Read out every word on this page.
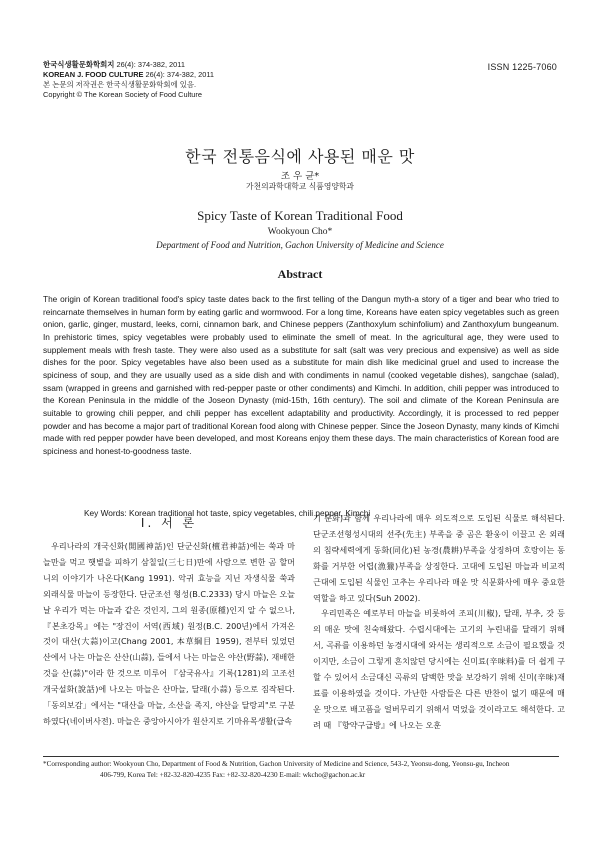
한국식생활문화학회지 26(4): 374-382, 2011
KOREAN J. FOOD CULTURE 26(4): 374-382, 2011
본 논문의 저작권은 한국식생활문화학회에 있음.
Copyright © The Korean Society of Food Culture
ISSN 1225-7060
한국 전통음식에 사용된 매운 맛
조 우 균*
가천의과학대학교 식품영양학과
Spicy Taste of Korean Traditional Food
Wookyoun Cho*
Department of Food and Nutrition, Gachon University of Medicine and Science
Abstract

The origin of Korean traditional food's spicy taste dates back to the first telling of the Dangun myth-a story of a tiger and bear who tried to reincarnate themselves in human form by eating garlic and wormwood. For a long time, Koreans have eaten spicy vegetables such as green onion, garlic, ginger, mustard, leeks, corni, cinnamon bark, and Chinese peppers (Zanthoxylum schinfolium) and Zanthoxylum bungeanum. In prehistoric times, spicy vegetables were probably used to eliminate the smell of meat. In the agricultural age, they were used to supplement meals with fresh taste. They were also used as a substitute for salt (salt was very precious and expensive) as well as side dishes for the poor. Spicy vegetables have also been used as a substitute for main dish like medicinal gruel and used to increase the spiciness of soup, and they are usually used as a side dish and with condiments in namul (cooked vegetable dishes), sangchae (salad), ssam (wrapped in greens and garnished with red-pepper paste or other condiments) and Kimchi. In addition, chili pepper was introduced to the Korean Peninsula in the middle of the Joseon Dynasty (mid-15th, 16th century). The soil and climate of the Korean Peninsula are suitable to growing chili pepper, and chili pepper has excellent adaptability and productivity. Accordingly, it is processed to red pepper powder and has become a major part of traditional Korean food along with Chinese pepper. Since the Joseon Dynasty, many kinds of Kimchi made with red pepper powder have been developed, and most Koreans enjoy them these days. The main characteristics of Korean food are spiciness and honest-to-goodness taste.

Key Words: Korean traditional hot taste, spicy vegetables, chili pepper, Kimchi
I. 서 론

우리나라의 개국신화(開國神話)인 단군신화(檀君神話)에는 쑥과 마늘만을 먹고 햇볕을 피하기 삼칠일(三七日)만에 사람으로 변한 곰 할머니의 이야기가 나온다(Kang 1991). 악귀 효능을 지닌 자생식물 쑥과 외래식물 마늘이 등장한다. 단군조선 형성(B.C.2333) 당시 마늘은 오늘날 우리가 먹는 마늘과 같은 것인지, 그의 원종(原種)인지 알 수 없으나, 『본초강목』에는 "장건이 서역(西域) 원정(B.C. 200년)에서 가져온 것이 대산(大蒜)이고(Chang 2001, 本草綱目 1959), 전부터 있었던 산에서 나는 마늘은 산산(山蒜), 들에서 나는 마늘은 야산(野蒜), 재배한 것을 산(蒜)"이라 한 것으로 미루어 『삼국유사』기록(1281)의 고조선 개국설화(說話)에 나오는 마늘은 산마늘, 달래(小蒜) 등으로 짐작된다. 「동의보감」에서는 "대산을 마늘, 소산을 족지, 야산을 달랑괴"로 구분하였다(네이버사전). 마늘은 중앙아시아가 원산지로 기마유목생활(급속

기 문화)과 함께 우리나라에 매우 의도적으로 도입된 식물로 해석된다. 단군조선형성시대의 선주(先主) 부족을 중 곰은 환웅이 이끌고 온 외래의 침략세력에게 동화(同化)된 농경(農耕)부족을 상징하며 호랑이는 동화를 거부한 어렵(漁獵)부족을 상징한다. 고대에 도입된 마늘과 비교적 근대에 도입된 식물인 고추는 우리나라 매운 맛 식문화사에 매우 중요한 역할을 하고 있다(Suh 2002).

우리민족은 예로부터 마늘을 비롯하여 조피(川椒), 달래, 부추, 갓 등의 매운 맛에 친숙해왔다. 수렵시대에는 고기의 누린내를 달래기 위해서, 곡류를 이용하던 농경시대에 와서는 생리적으로 소금이 필요했을 것이지만, 소금이 그렇게 흔치않던 당시에는 신미료(辛味料)를 더 쉽게 구할 수 있어서 소금대신 곡류의 담백한 맛을 보강하기 위해 신미(辛味)재료를 이용하였을 것이다. 가난한 사람들은 다른 반찬이 없기 때문에 매운 맛으로 배고픔을 얼버무리기 위해서 먹었을 것이라고도 해석한다. 고려 때 『향약구급방』에 나오는 오훈

*Corresponding author: Wookyoun Cho, Department of Food & Nutrition, Gachon University of Medicine and Science, 543-2, Yeonsu-dong, Yeonsu-gu, Incheon
406-799, Korea Tel: +82-32-820-4235 Fax: +82-32-820-4230 E-mail: wkcho@gachon.ac.kr
